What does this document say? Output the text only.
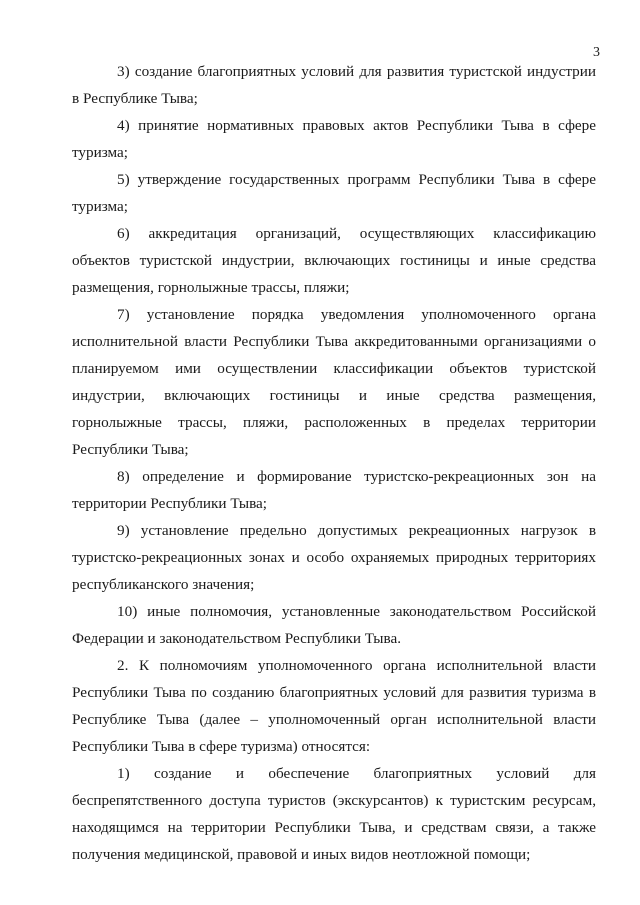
3

3) создание благоприятных условий для развития туристской индустрии в Республике Тыва;

4) принятие нормативных правовых актов Республики Тыва в сфере туризма;

5) утверждение государственных программ Республики Тыва в сфере туризма;

6) аккредитация организаций, осуществляющих классификацию объектов туристской индустрии, включающих гостиницы и иные средства размещения, горнолыжные трассы, пляжи;

7) установление порядка уведомления уполномоченного органа исполнительной власти Республики Тыва аккредитованными организациями о планируемом ими осуществлении классификации объектов туристской индустрии, включающих гостиницы и иные средства размещения, горнолыжные трассы, пляжи, расположенных в пределах территории Республики Тыва;

8) определение и формирование туристско-рекреационных зон на территории Республики Тыва;

9) установление предельно допустимых рекреационных нагрузок в туристско-рекреационных зонах и особо охраняемых природных территориях республиканского значения;

10) иные полномочия, установленные законодательством Российской Федерации и законодательством Республики Тыва.

2. К полномочиям уполномоченного органа исполнительной власти Республики Тыва по созданию благоприятных условий для развития туризма в Республике Тыва (далее – уполномоченный орган исполнительной власти Республики Тыва в сфере туризма) относятся:

1) создание и обеспечение благоприятных условий для беспрепятственного доступа туристов (экскурсантов) к туристским ресурсам, находящимся на территории Республики Тыва, и средствам связи, а также получения медицинской, правовой и иных видов неотложной помощи;
